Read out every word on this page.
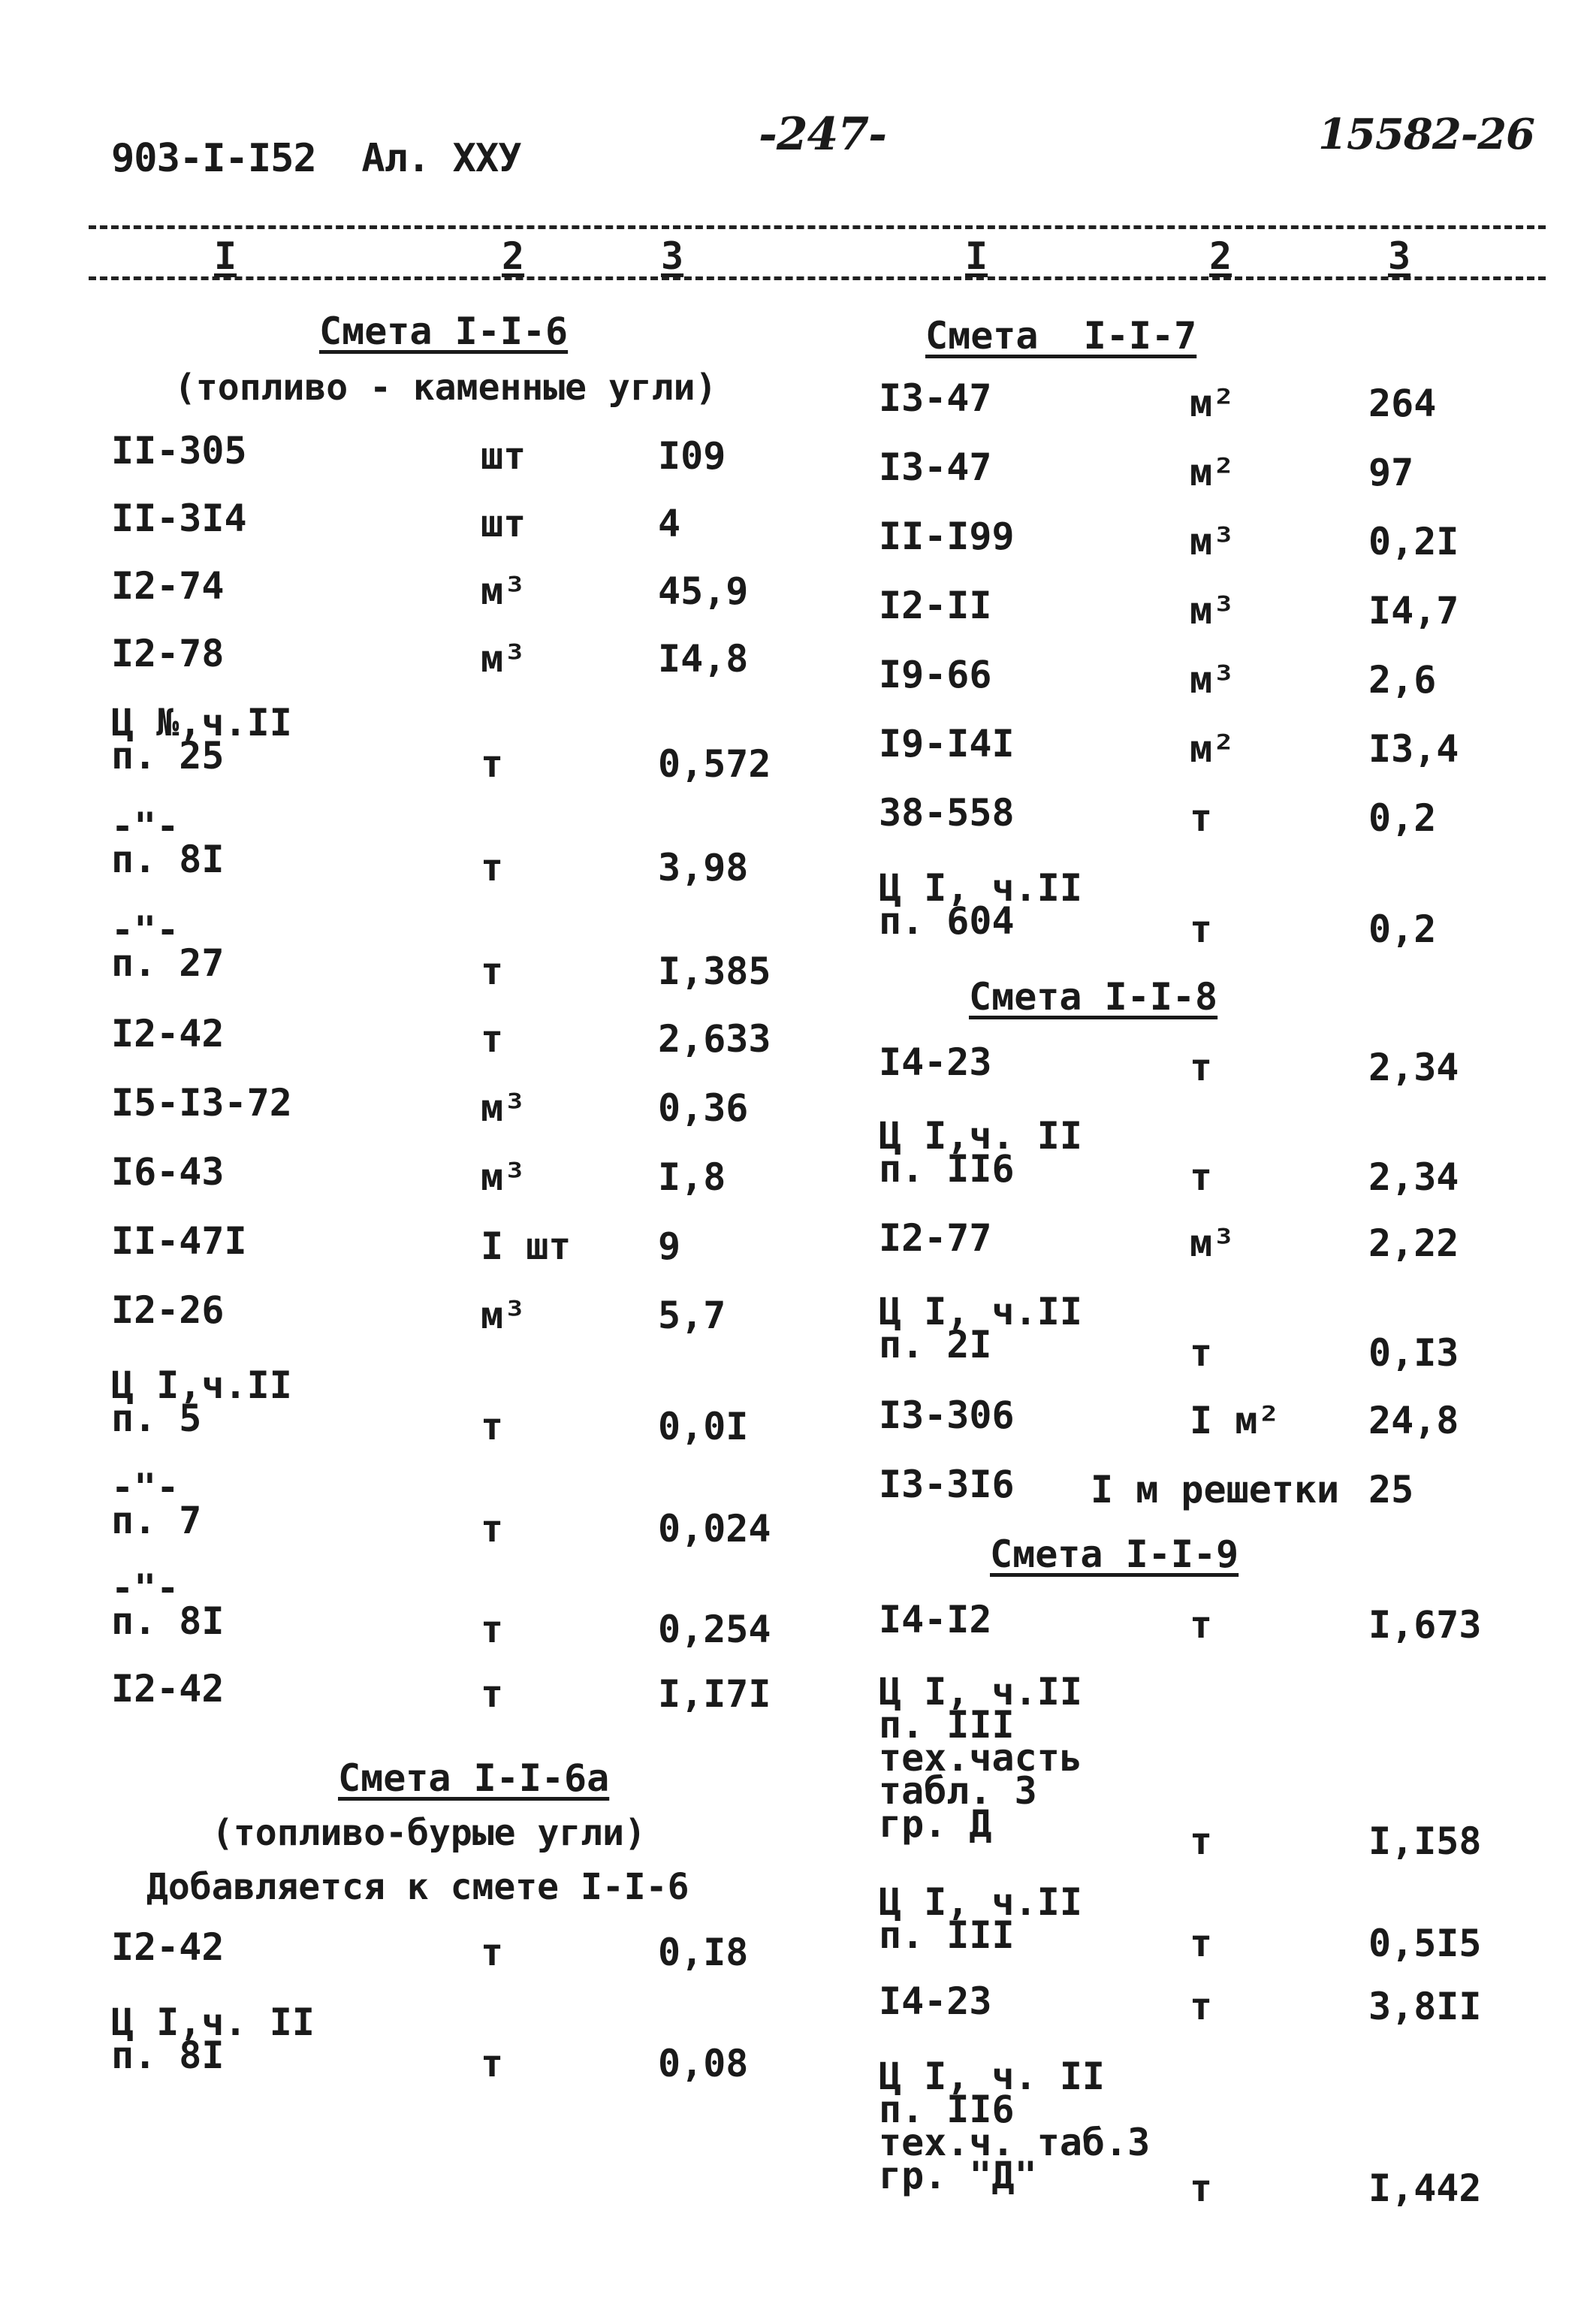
903-I-I52  Ал. XXУ	-247-	15582-26
I	2	3	I	2	3
Смета I-I-6
(топливо - каменные угли)
II-305	шт	I09
II-3I4	шт	4
I2-74	м³	45,9
I2-78	м³	I4,8
Ц №,ч.II
п. 25	т	0,572
-"-
п. 8I	т	3,98
-"-
п. 27	т	I,385
I2-42	т	2,633
I5-I3-72	м³	0,36
I6-43	м³	I,8
II-47I	I шт 9
I2-26	м³	5,7
Ц I,ч.II
п. 5	т	0,0I
-"-
п. 7	т	0,024
-"-
п. 8I	т	0,254
I2-42	т	I,I7I
Смета I-I-6а
(топливо-бурые угли)
Добавляется к смете I-I-6
I2-42	т	0,I8
Ц I,ч. II
п. 8I	т	0,08
Смета  I-I-7
I3-47	м²	264
I3-47	м²	97
II-I99	м³	0,2I
I2-II	м³	I4,7
I9-66	м³	2,6
I9-I4I	м²	I3,4
38-558	т	0,2
Ц I, ч.II
п. 604	т	0,2
Смета I-I-8
I4-23	т	2,34
Ц I,ч. II
п. II6	т	2,34
I2-77	м³	2,22
Ц I, ч.II
п. 2I	т	0,I3
I3-306	I м² 24,8
I3-3I6 I м решетки 25
Смета I-I-9
I4-I2	т	I,673
Ц I, ч.II
п. III
тех.часть
табл. 3
гр. Д	т	I,I58
Ц I, ч.II
п. III	т	0,5I5
I4-23	т	3,8II
Ц I, ч. II
п. II6
тех.ч. таб.3
гр. "Д"	т	I,442
